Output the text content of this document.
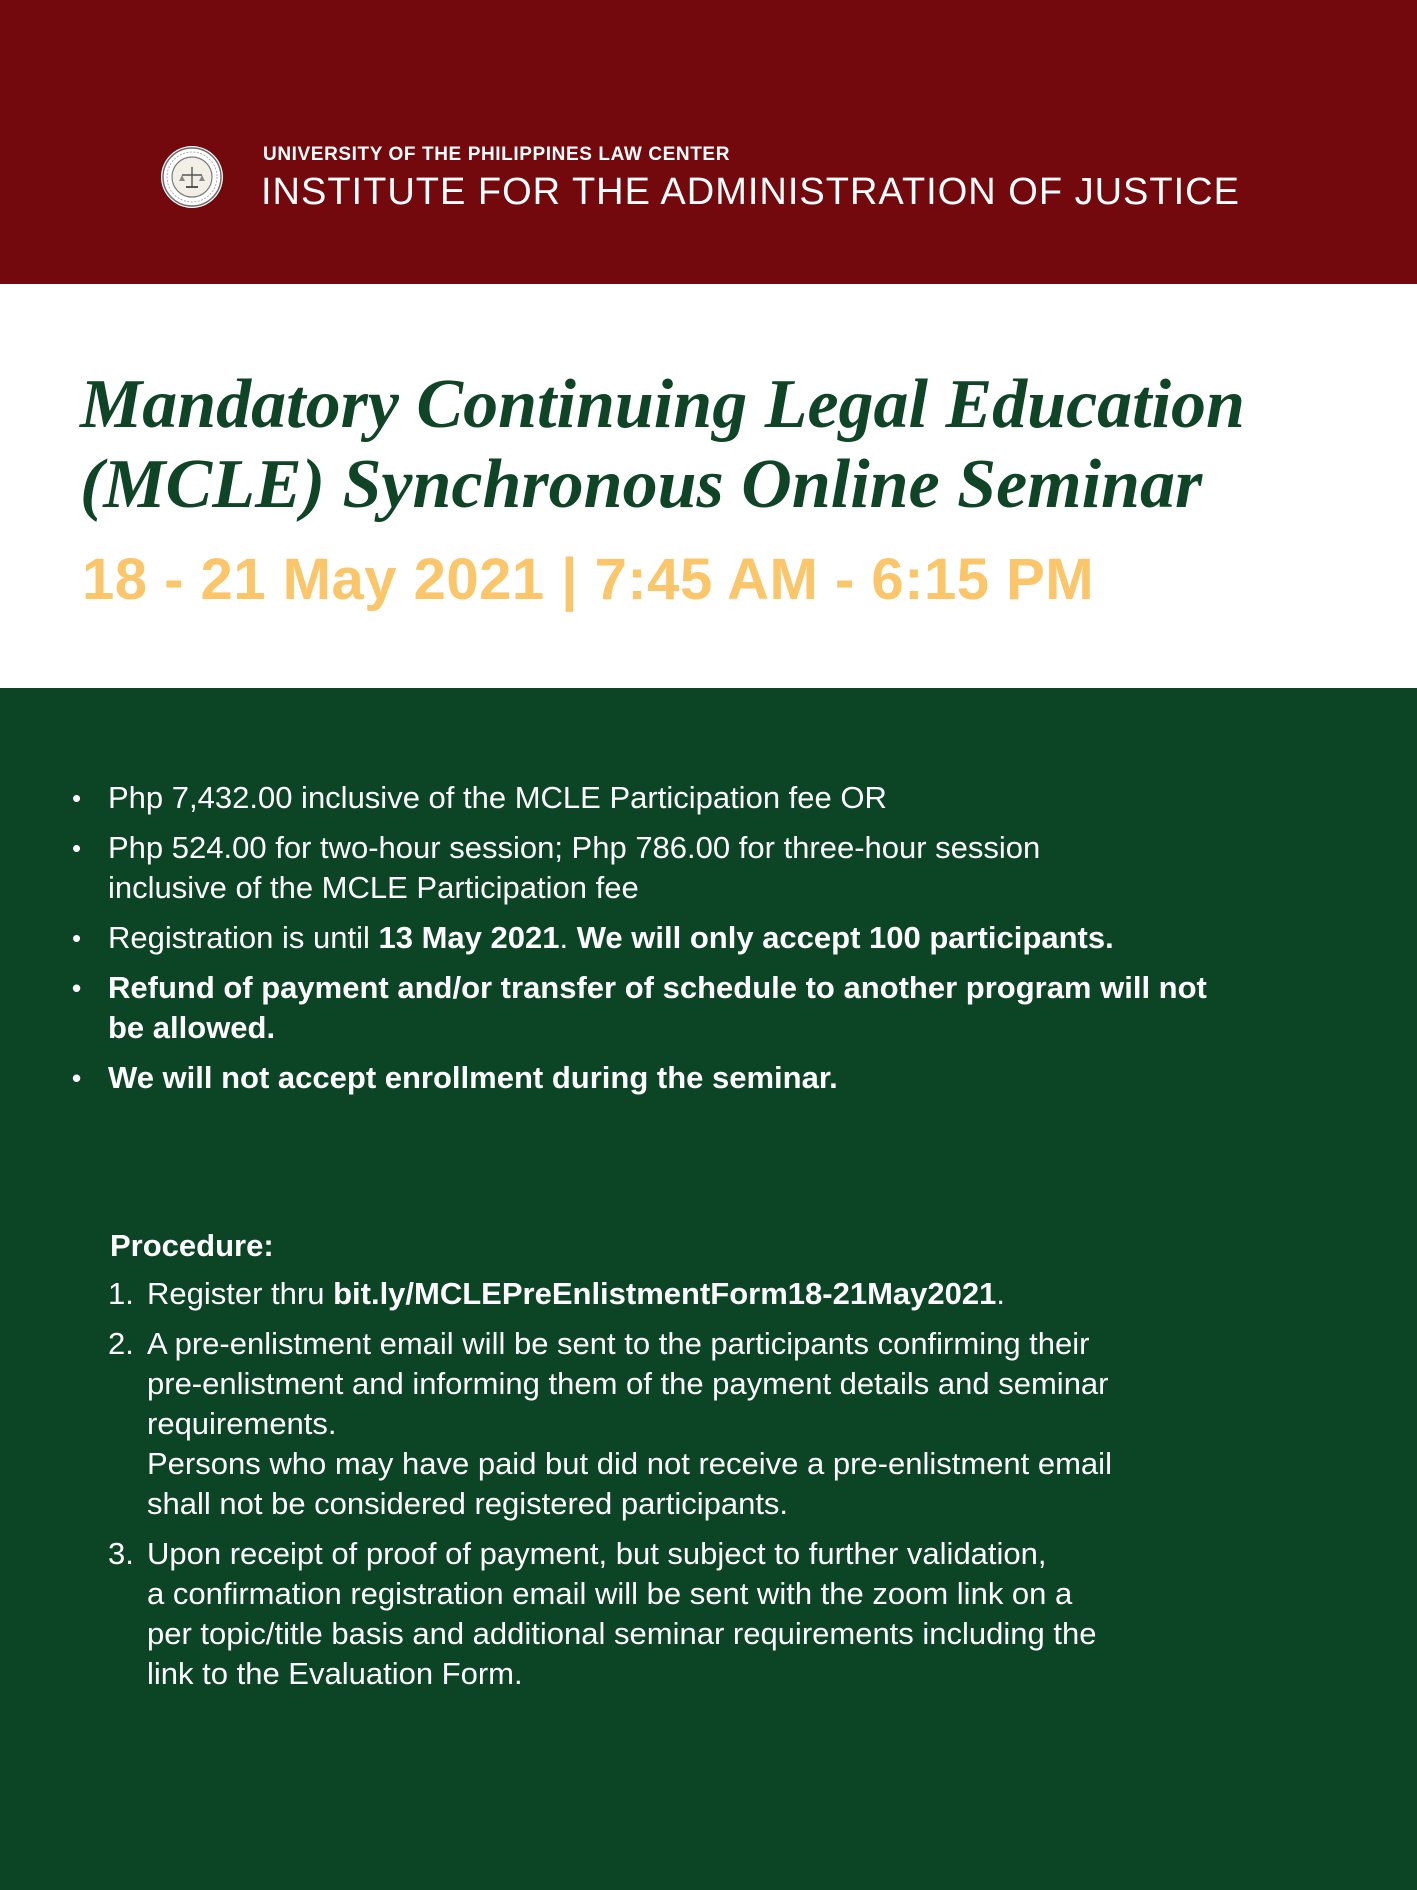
UNIVERSITY OF THE PHILIPPINES LAW CENTER
INSTITUTE FOR THE ADMINISTRATION OF JUSTICE
Mandatory Continuing Legal Education
(MCLE) Synchronous Online Seminar
18 - 21 May 2021 | 7:45 AM - 6:15 PM
• Php 7,432.00 inclusive of the MCLE Participation fee OR
• Php 524.00 for two-hour session; Php 786.00 for three-hour session
inclusive of the MCLE Participation fee
• Registration is until 13 May 2021. We will only accept 100 participants.
• Refund of payment and/or transfer of schedule to another program will not
be allowed.
• We will not accept enrollment during the seminar.
Procedure:
1. Register thru bit.ly/MCLEPreEnlistmentForm18-21May2021.
2. A pre-enlistment email will be sent to the participants confirming their
pre-enlistment and informing them of the payment details and seminar
requirements.
Persons who may have paid but did not receive a pre-enlistment email
shall not be considered registered participants.
3. Upon receipt of proof of payment, but subject to further validation,
a confirmation registration email will be sent with the zoom link on a
per topic/title basis and additional seminar requirements including the
link to the Evaluation Form.
